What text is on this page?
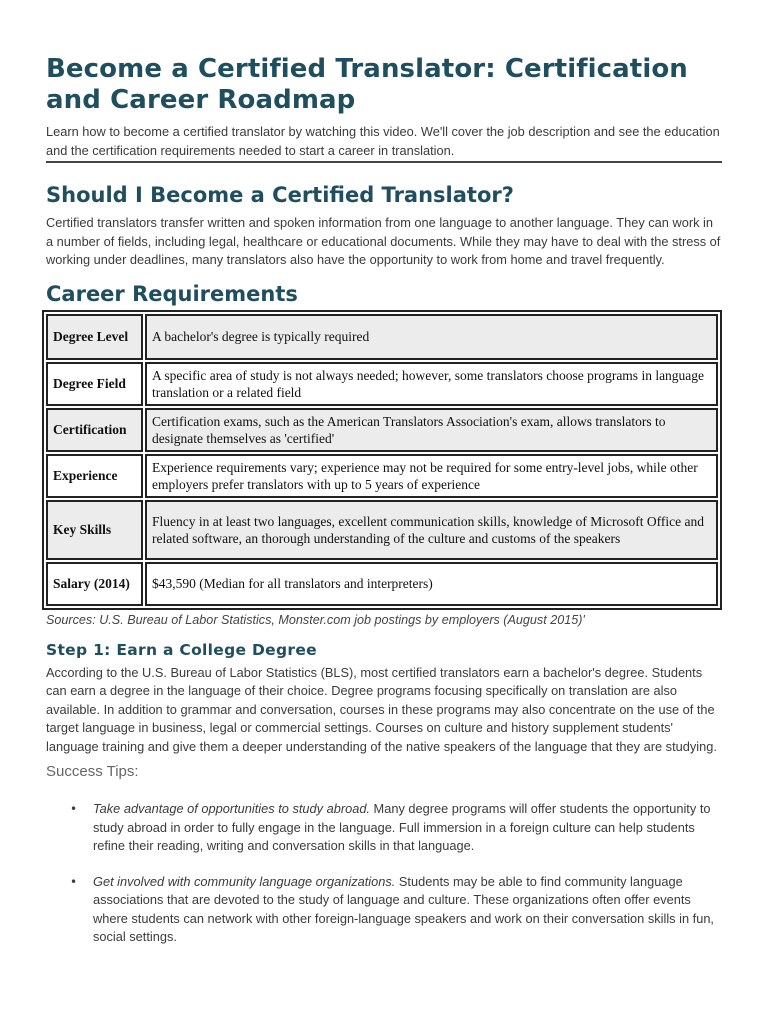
Become a Certified Translator: Certification and Career Roadmap

Learn how to become a certified translator by watching this video. We'll cover the job description and see the education and the certification requirements needed to start a career in translation.

Should I Become a Certified Translator?

Certified translators transfer written and spoken information from one language to another language. They can work in a number of fields, including legal, healthcare or educational documents. While they may have to deal with the stress of working under deadlines, many translators also have the opportunity to work from home and travel frequently.

Career Requirements
Degree Level	A bachelor's degree is typically required
Degree Field	A specific area of study is not always needed; however, some translators choose programs in language translation or a related field
Certification	Certification exams, such as the American Translators Association's exam, allows translators to designate themselves as 'certified'
Experience	Experience requirements vary; experience may not be required for some entry-level jobs, while other employers prefer translators with up to 5 years of experience
Key Skills	Fluency in at least two languages, excellent communication skills, knowledge of Microsoft Office and related software, an thorough understanding of the culture and customs of the speakers
Salary (2014)	$43,590 (Median for all translators and interpreters)

Sources: U.S. Bureau of Labor Statistics, Monster.com job postings by employers (August 2015)'

Step 1: Earn a College Degree

According to the U.S. Bureau of Labor Statistics (BLS), most certified translators earn a bachelor's degree. Students can earn a degree in the language of their choice. Degree programs focusing specifically on translation are also available. In addition to grammar and conversation, courses in these programs may also concentrate on the use of the target language in business, legal or commercial settings. Courses on culture and history supplement students' language training and give them a deeper understanding of the native speakers of the language that they are studying.

Success Tips:

• Take advantage of opportunities to study abroad. Many degree programs will offer students the opportunity to study abroad in order to fully engage in the language. Full immersion in a foreign culture can help students refine their reading, writing and conversation skills in that language.
• Get involved with community language organizations. Students may be able to find community language associations that are devoted to the study of language and culture. These organizations often offer events where students can network with other foreign-language speakers and work on their conversation skills in fun, social settings.
